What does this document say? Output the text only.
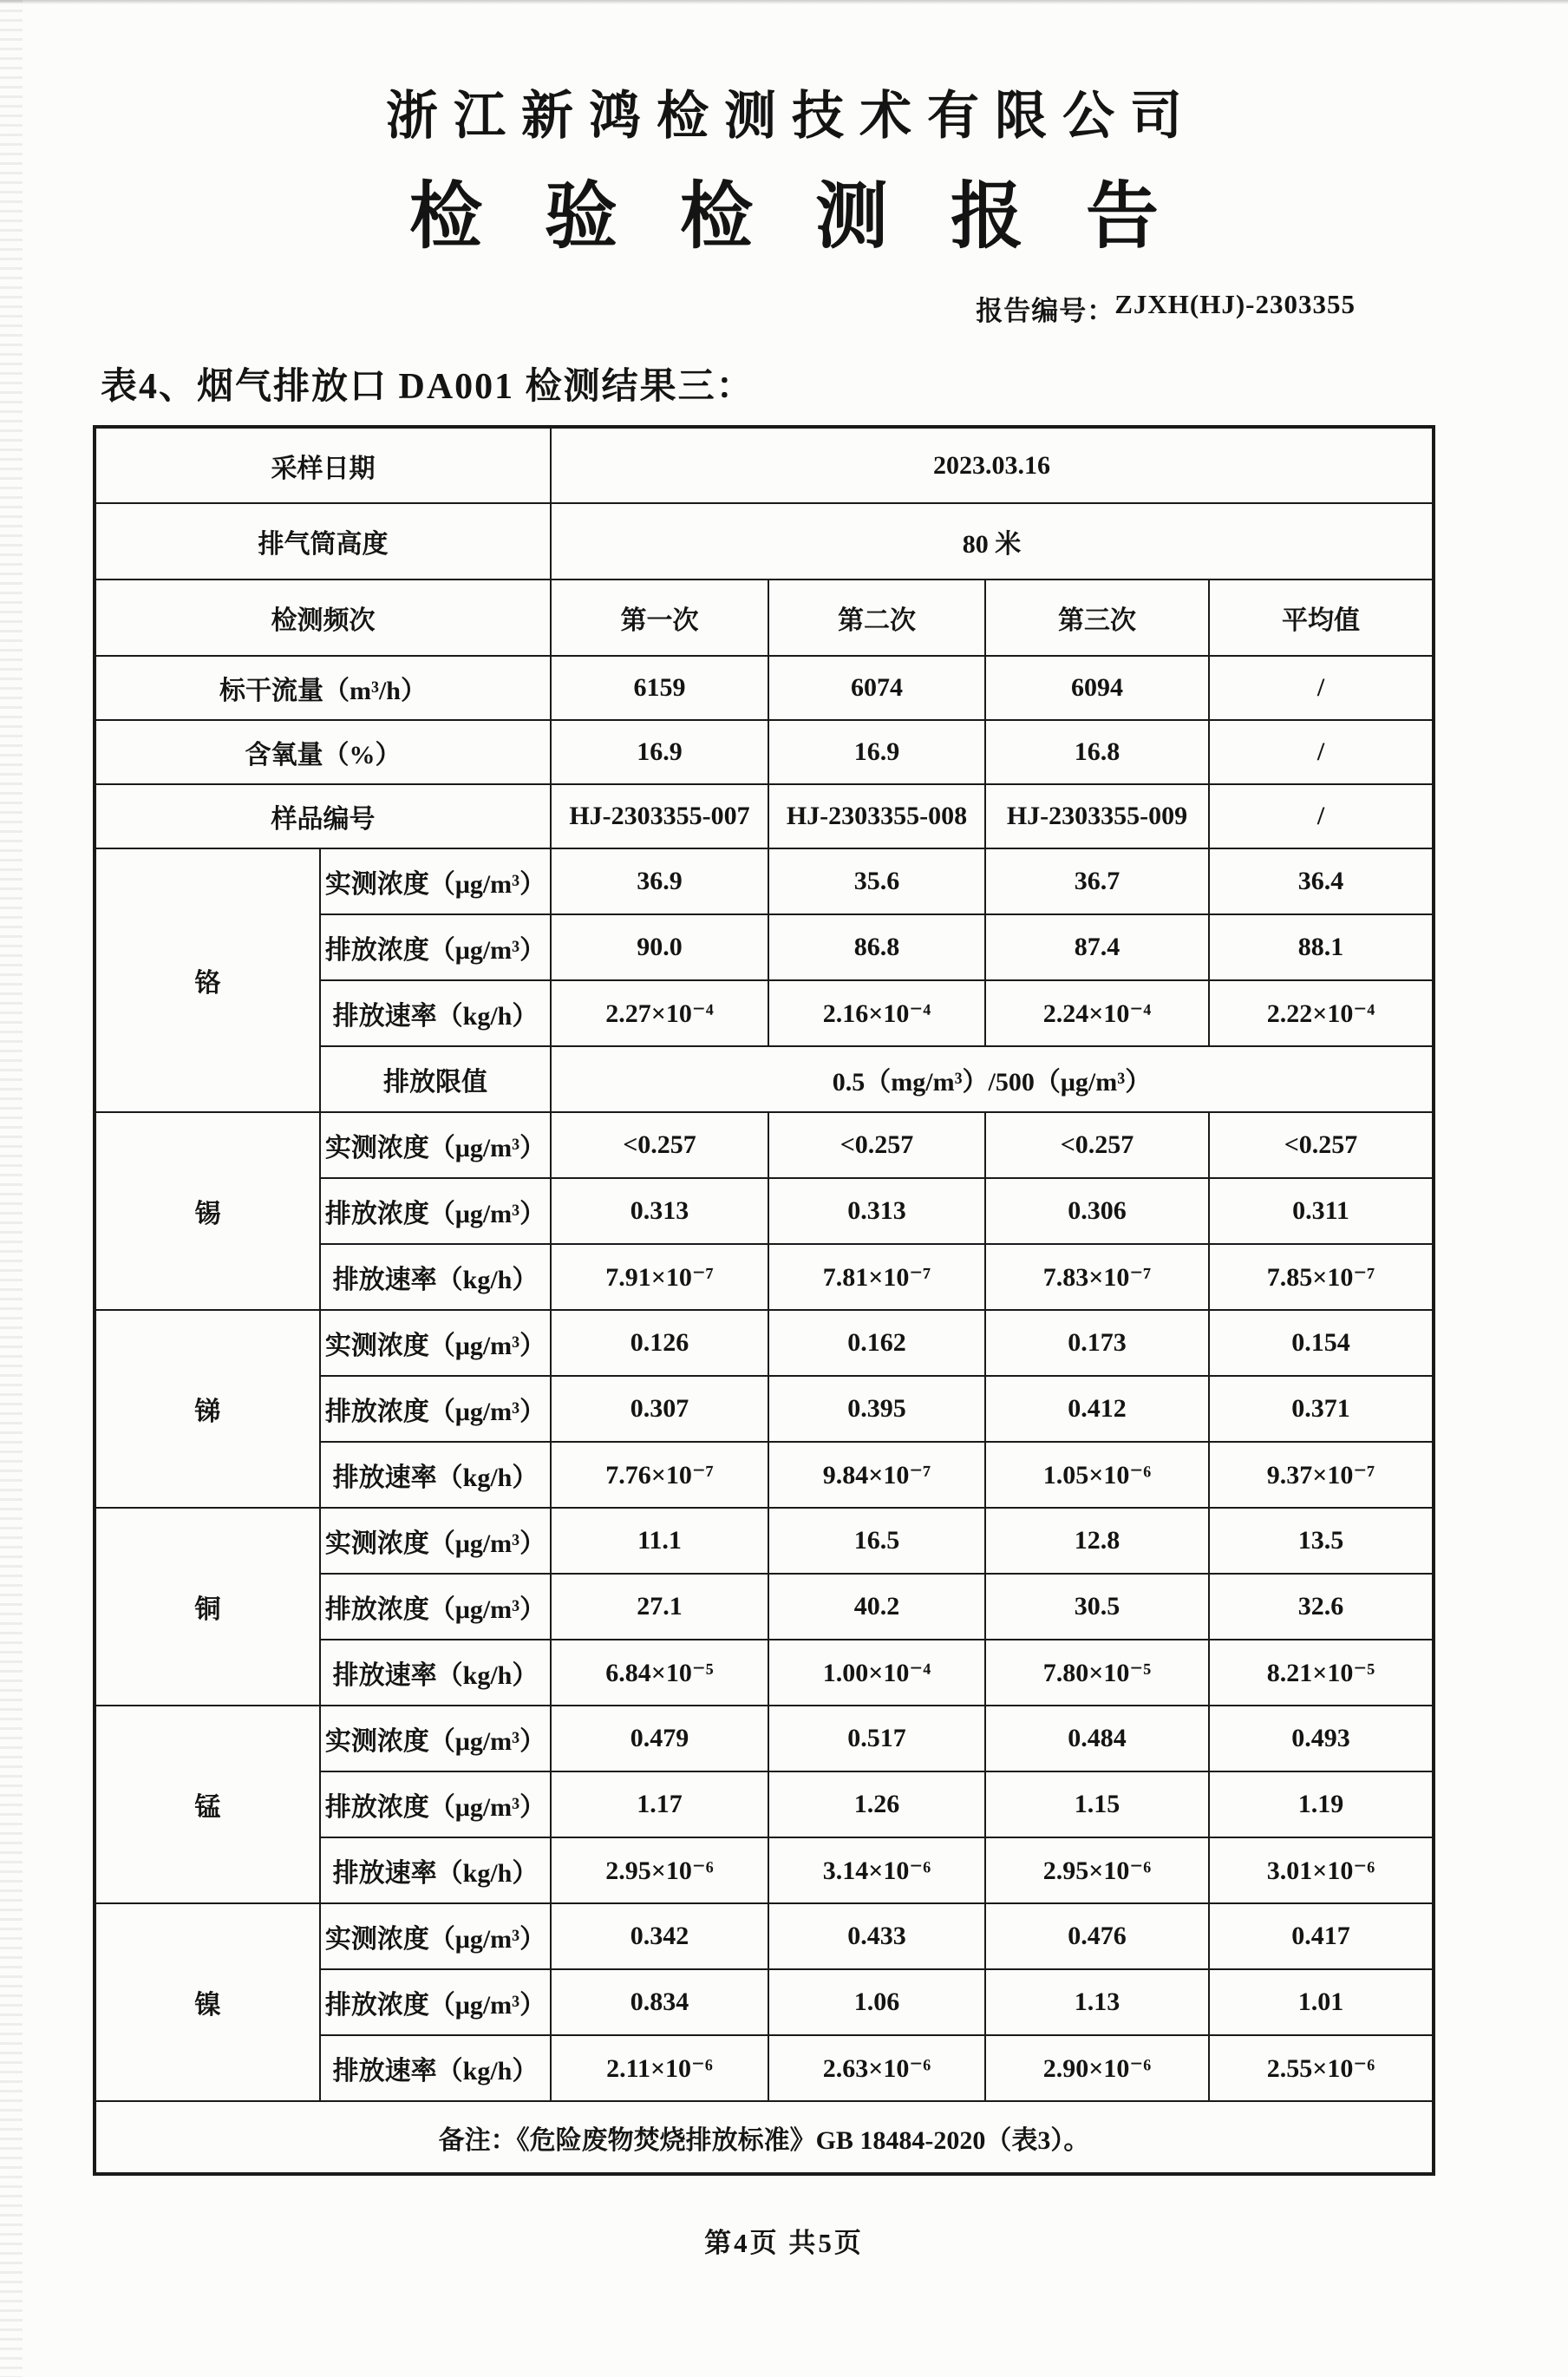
浙江新鸿检测技术有限公司
检验检测报告
报告编号： ZJXH(HJ)-2303355
表4、烟气排放口 DA001 检测结果三：
采样日期		2023.03.16			
排气筒高度		80 米			
检测频次		第一次	第二次	第三次	平均值
标干流量（m³/h）		6159	6074	6094	/
含氧量（%）		16.9	16.9	16.8	/
样品编号		HJ-2303355-007	HJ-2303355-008	HJ-2303355-009	/
铬	实测浓度（μg/m³）	36.9	35.6	36.7	36.4
	排放浓度（μg/m³）	90.0	86.8	87.4	88.1
	排放速率（kg/h）	2.27×10⁻⁴	2.16×10⁻⁴	2.24×10⁻⁴	2.22×10⁻⁴
	排放限值	0.5（mg/m³）/500（μg/m³）			
锡	实测浓度（μg/m³）	<0.257	<0.257	<0.257	<0.257
	排放浓度（μg/m³）	0.313	0.313	0.306	0.311
	排放速率（kg/h）	7.91×10⁻⁷	7.81×10⁻⁷	7.83×10⁻⁷	7.85×10⁻⁷
锑	实测浓度（μg/m³）	0.126	0.162	0.173	0.154
	排放浓度（μg/m³）	0.307	0.395	0.412	0.371
	排放速率（kg/h）	7.76×10⁻⁷	9.84×10⁻⁷	1.05×10⁻⁶	9.37×10⁻⁷
铜	实测浓度（μg/m³）	11.1	16.5	12.8	13.5
	排放浓度（μg/m³）	27.1	40.2	30.5	32.6
	排放速率（kg/h）	6.84×10⁻⁵	1.00×10⁻⁴	7.80×10⁻⁵	8.21×10⁻⁵
锰	实测浓度（μg/m³）	0.479	0.517	0.484	0.493
	排放浓度（μg/m³）	1.17	1.26	1.15	1.19
	排放速率（kg/h）	2.95×10⁻⁶	3.14×10⁻⁶	2.95×10⁻⁶	3.01×10⁻⁶
镍	实测浓度（μg/m³）	0.342	0.433	0.476	0.417
	排放浓度（μg/m³）	0.834	1.06	1.13	1.01
	排放速率（kg/h）	2.11×10⁻⁶	2.63×10⁻⁶	2.90×10⁻⁶	2.55×10⁻⁶
备注：《危险废物焚烧排放标准》GB 18484-2020（表3）。					
第4页 共5页
